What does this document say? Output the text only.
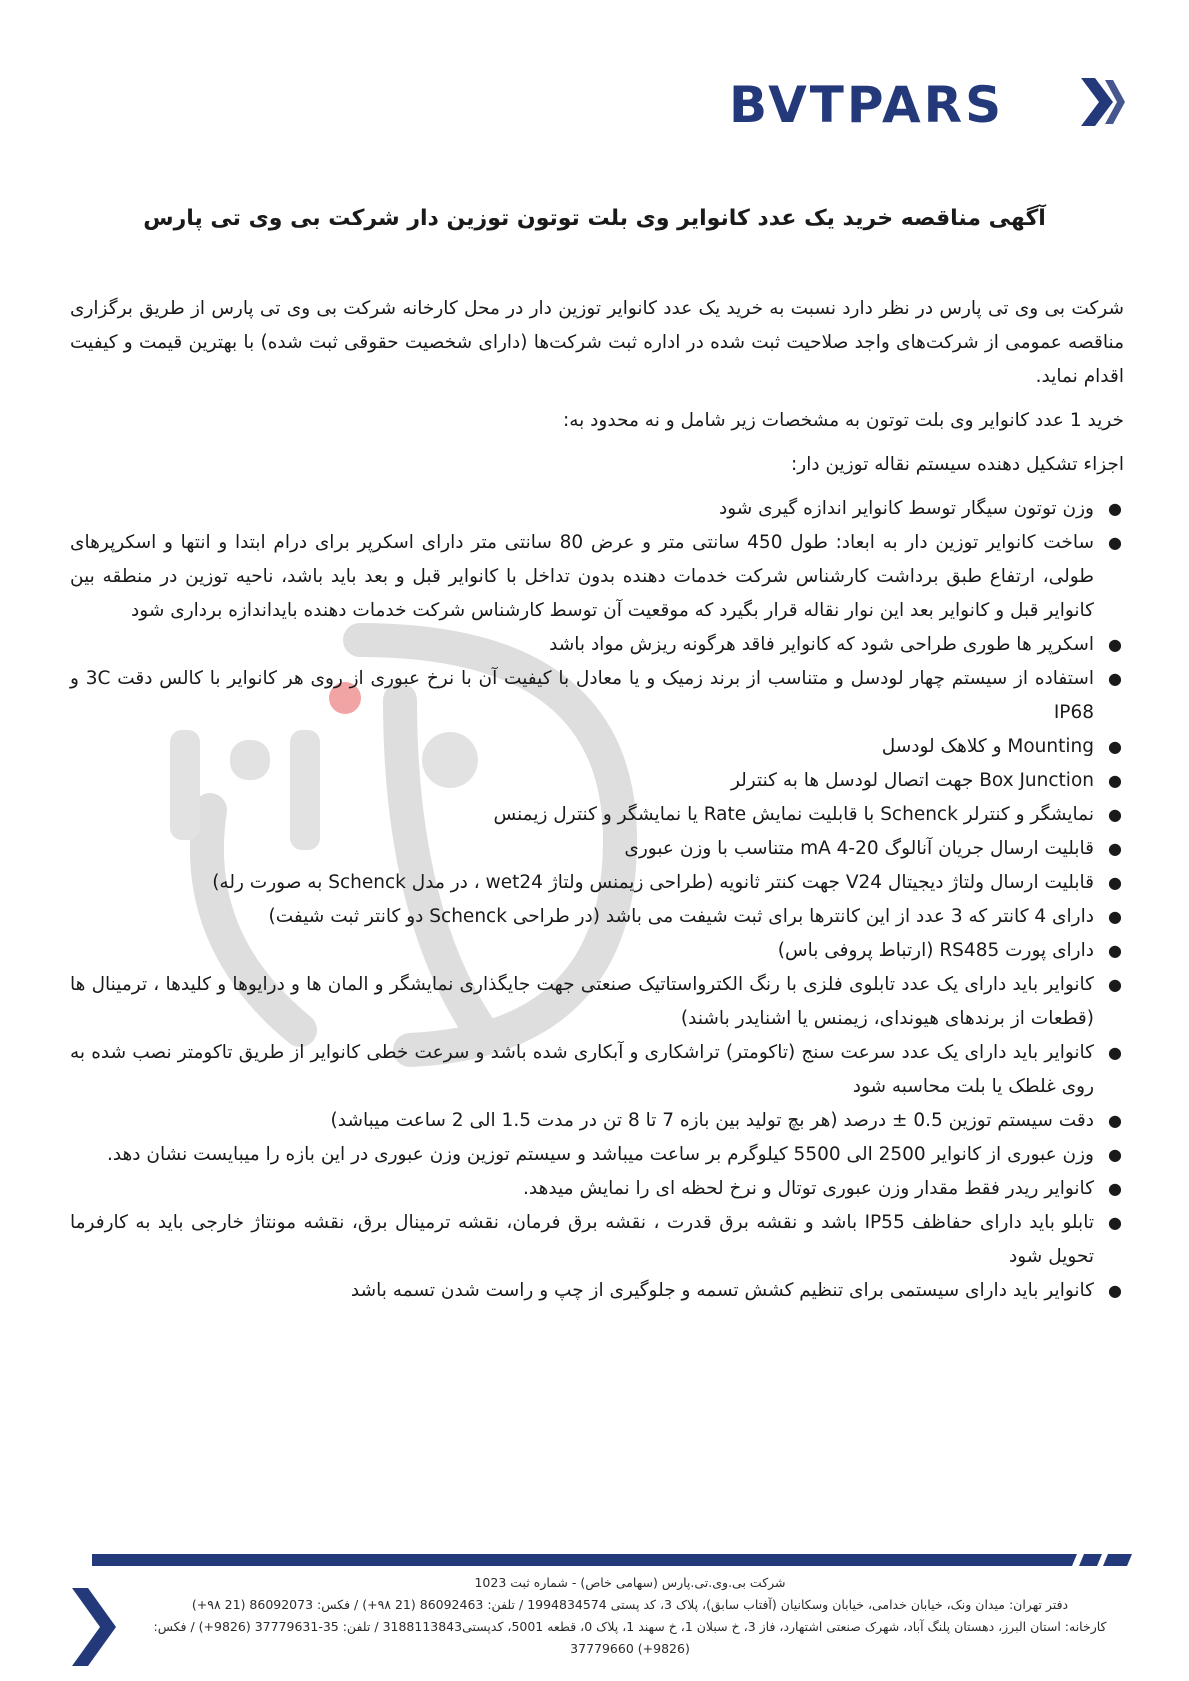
BVTPARS
آگهی مناقصه خرید یک عدد کانوایر وی بلت توتون توزین دار شرکت بی وی تی پارس

شرکت بی وی تی پارس در نظر دارد نسبت به خرید یک عدد کانوایر توزین دار در محل کارخانه شرکت بی وی تی پارس از طریق برگزاری مناقصه عمومی از شرکت‌های واجد صلاحیت ثبت شده در اداره ثبت شرکت‌ها (دارای شخصیت حقوقی ثبت شده) با بهترین قیمت و کیفیت اقدام نماید.

خرید 1 عدد کانوایر وی بلت توتون به مشخصات زیر شامل و نه محدود به:

اجزاء تشکیل دهنده سیستم نقاله توزین دار:

●
وزن توتون سیگار توسط کانوایر اندازه گیری شود
●
ساخت کانوایر توزین دار به ابعاد: طول 450 سانتی متر و عرض 80 سانتی متر دارای اسکرپر برای درام ابتدا و انتها و اسکرپرهای طولی، ارتفاع طبق برداشت کارشناس شرکت خدمات دهنده بدون تداخل با کانوایر قبل و بعد باید باشد، ناحیه توزین در منطقه بین کانوایر قبل و کانوایر بعد این نوار نقاله قرار بگیرد که موقعیت آن توسط کارشناس شرکت خدمات دهنده بایداندازه برداری شود
●
اسکرپر ها طوری طراحی شود که کانوایر فاقد هرگونه ریزش مواد باشد
●
استفاده از سیستم چهار لودسل و متناسب از برند زمیک و یا معادل با کیفیت آن با نرخ عبوری از روی هر کانوایر با کالس دقت 3C و IP68
●
Mounting و کلاهک لودسل
●
Box Junction جهت اتصال لودسل ها به کنترلر
●
نمایشگر و کنترلر Schenck با قابلیت نمایش Rate یا نمایشگر و کنترل زیمنس
●
قابلیت ارسال جریان آنالوگ mA 4-20 متناسب با وزن عبوری
●
قابلیت ارسال ولتاژ دیجیتال V24 جهت کنتر ثانویه (طراحی زیمنس ولتاژ wet24 ، در مدل Schenck به صورت رله)
●
دارای 4 کانتر که 3 عدد از این کانترها برای ثبت شیفت می باشد (در طراحی Schenck دو کانتر ثبت شیفت)
●
دارای پورت RS485 (ارتباط پروفی باس)
●
کانوایر باید دارای یک عدد تابلوی فلزی با رنگ الکترواستاتیک صنعتی جهت جایگذاری نمایشگر و المان ها و درایوها و کلیدها ، ترمینال ها (قطعات از برندهای هیوندای، زیمنس یا اشنایدر باشند)
●
کانوایر باید دارای یک عدد سرعت سنج (تاکومتر) تراشکاری و آبکاری شده باشد و سرعت خطی کانوایر از طریق تاکومتر نصب شده به روی غلطک یا بلت محاسبه شود
●
دقت سیستم توزین 0.5 ± درصد (هر بچ تولید بین بازه 7 تا 8 تن در مدت 1.5 الی 2 ساعت میباشد)
●
وزن عبوری از کانوایر 2500 الی 5500 کیلوگرم بر ساعت میباشد و سیستم توزین وزن عبوری در این بازه را میبایست نشان دهد.
●
کانوایر ریدر فقط مقدار وزن عبوری توتال و نرخ لحظه ای را نمایش میدهد.
●
تابلو باید دارای حفاظف IP55 باشد و نقشه برق قدرت ، نقشه برق فرمان، نقشه ترمینال برق، نقشه مونتاژ خارجی باید به کارفرما تحویل شود
●
کانوایر باید دارای سیستمی برای تنظیم کشش تسمه و جلوگیری از چپ و راست شدن تسمه باشد
شرکت بی.وی.تی.پارس (سهامی خاص) - شماره ثبت 1023
دفتر تهران: میدان ونک، خیابان خدامی، خیابان وسکانیان (آفتاب سابق)، پلاک 3، کد پستی 1994834574 / تلفن: 86092463 (21 ۹۸+) / فکس: 86092073 (21 ۹۸+)
کارخانه: استان البرز، دهستان پلنگ آباد، شهرک صنعتی اشتهارد، فاز 3، خ سبلان 1، خ سهند 1، پلاک 0، قطعه 5001، کدپستی3188113843 / تلفن: 35-37779631 (9826+) / فکس:
(9826+) 37779660
